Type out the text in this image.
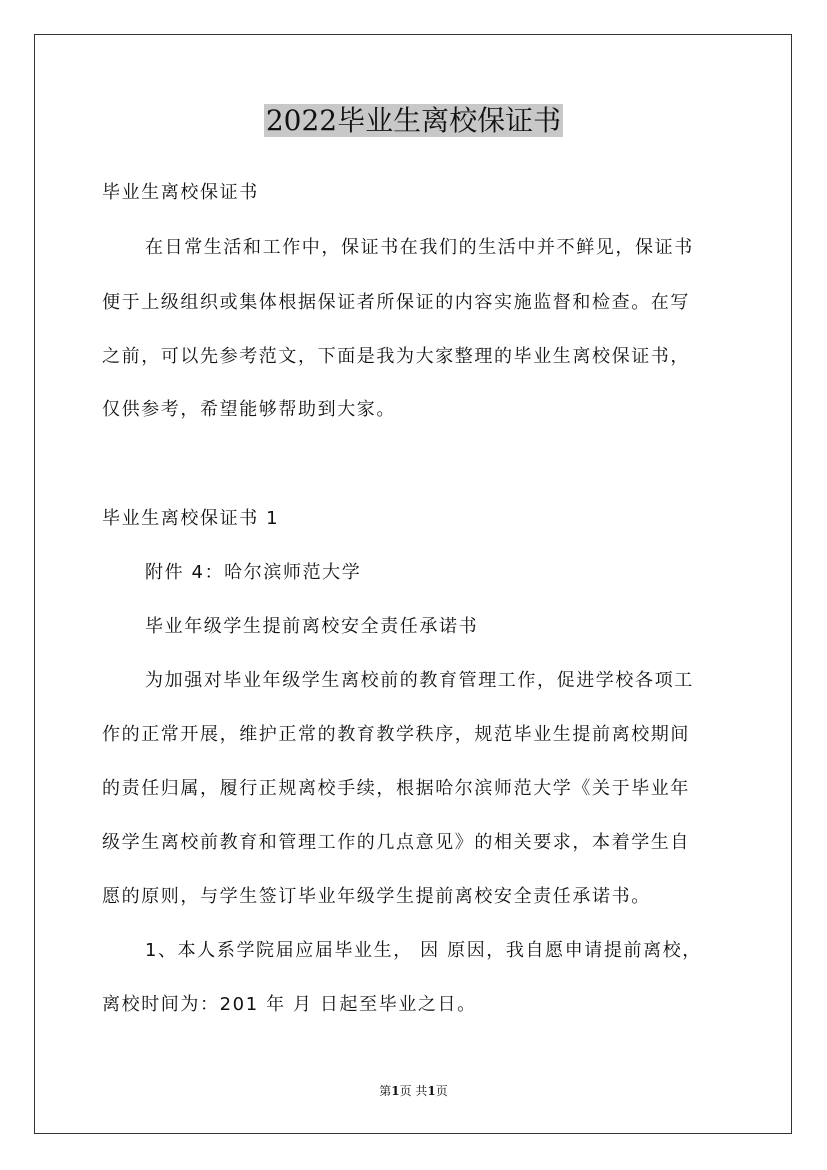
2022毕业生离校保证书
毕业生离校保证书
在日常生活和工作中，保证书在我们的生活中并不鲜见，保证书
便于上级组织或集体根据保证者所保证的内容实施监督和检查。在写
之前，可以先参考范文，下面是我为大家整理的毕业生离校保证书，
仅供参考，希望能够帮助到大家。
毕业生离校保证书 1
附件 4：哈尔滨师范大学
毕业年级学生提前离校安全责任承诺书
为加强对毕业年级学生离校前的教育管理工作，促进学校各项工
作的正常开展，维护正常的教育教学秩序，规范毕业生提前离校期间
的责任归属，履行正规离校手续，根据哈尔滨师范大学《关于毕业年
级学生离校前教育和管理工作的几点意见》的相关要求，本着学生自
愿的原则，与学生签订毕业年级学生提前离校安全责任承诺书。
1、本人系学院届应届毕业生， 因 原因，我自愿申请提前离校，
离校时间为：201 年 月 日起至毕业之日。
第1页 共1页
